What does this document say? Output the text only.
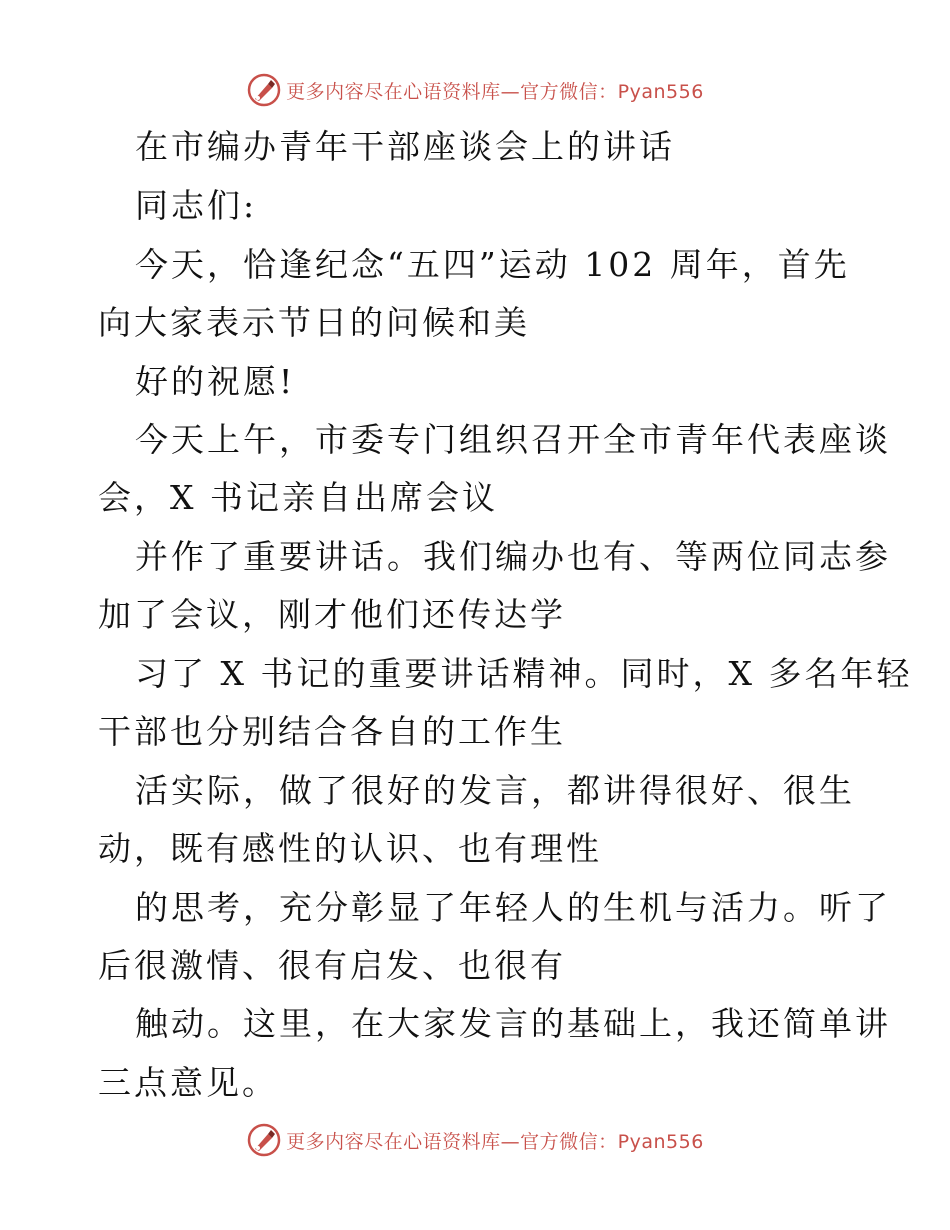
更多内容尽在心语资料库—官方微信：Pyan556
在市编办青年干部座谈会上的讲话
同志们:
今天，恰逢纪念“五四”运动 102 周年，首先
向大家表示节日的问候和美
好的祝愿!
今天上午，市委专门组织召开全市青年代表座谈
会，X 书记亲自出席会议
并作了重要讲话。我们编办也有、等两位同志参
加了会议，刚才他们还传达学
习了 X 书记的重要讲话精神。同时，X 多名年轻
干部也分别结合各自的工作生
活实际，做了很好的发言，都讲得很好、很生
动，既有感性的认识、也有理性
的思考，充分彰显了年轻人的生机与活力。听了
后很激情、很有启发、也很有
触动。这里，在大家发言的基础上，我还简单讲
三点意见。
更多内容尽在心语资料库—官方微信：Pyan556
